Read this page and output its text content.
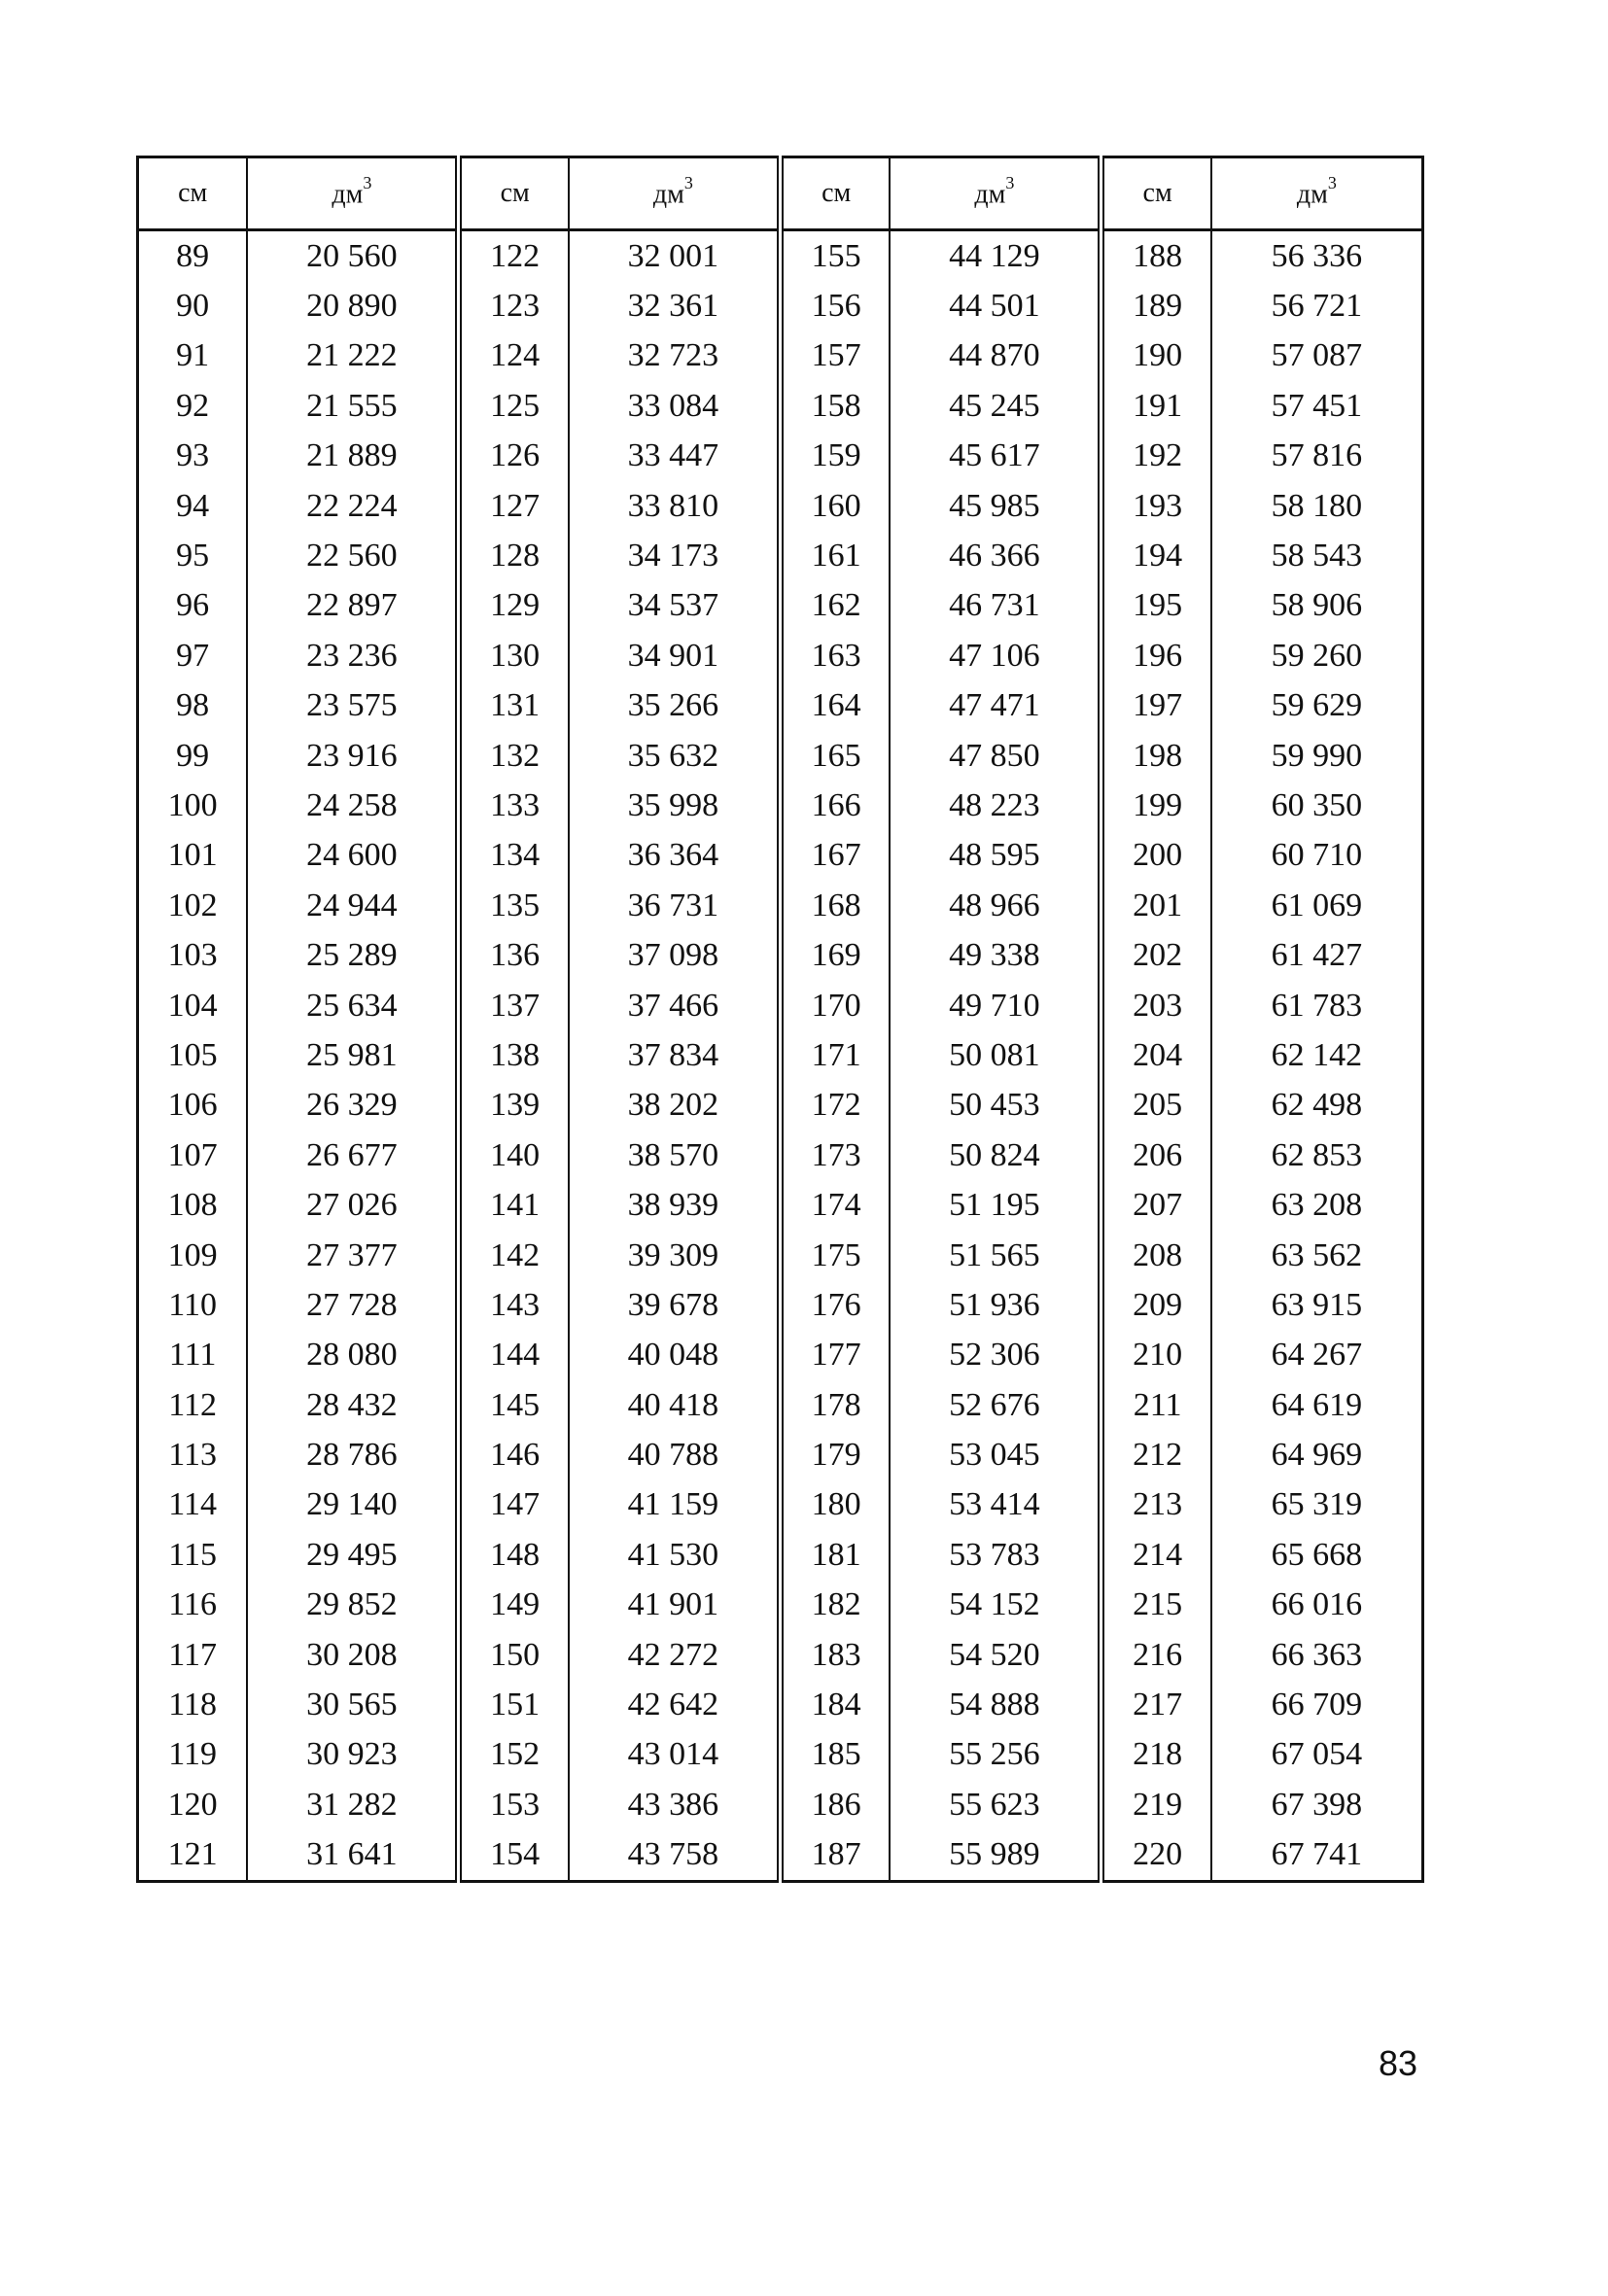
см	$дм^3$	см	$дм^3$	см	$дм^3$	см	$дм^3$
89	20 560	122	32 001	155	44 129	188	56 336
90	20 890	123	32 361	156	44 501	189	56 721
91	21 222	124	32 723	157	44 870	190	57 087
92	21 555	125	33 084	158	45 245	191	57 451
93	21 889	126	33 447	159	45 617	192	57 816
94	22 224	127	33 810	160	45 985	193	58 180
95	22 560	128	34 173	161	46 366	194	58 543
96	22 897	129	34 537	162	46 731	195	58 906
97	23 236	130	34 901	163	47 106	196	59 260
98	23 575	131	35 266	164	47 471	197	59 629
99	23 916	132	35 632	165	47 850	198	59 990
100	24 258	133	35 998	166	48 223	199	60 350
101	24 600	134	36 364	167	48 595	200	60 710
102	24 944	135	36 731	168	48 966	201	61 069
103	25 289	136	37 098	169	49 338	202	61 427
104	25 634	137	37 466	170	49 710	203	61 783
105	25 981	138	37 834	171	50 081	204	62 142
106	26 329	139	38 202	172	50 453	205	62 498
107	26 677	140	38 570	173	50 824	206	62 853
108	27 026	141	38 939	174	51 195	207	63 208
109	27 377	142	39 309	175	51 565	208	63 562
110	27 728	143	39 678	176	51 936	209	63 915
111	28 080	144	40 048	177	52 306	210	64 267
112	28 432	145	40 418	178	52 676	211	64 619
113	28 786	146	40 788	179	53 045	212	64 969
114	29 140	147	41 159	180	53 414	213	65 319
115	29 495	148	41 530	181	53 783	214	65 668
116	29 852	149	41 901	182	54 152	215	66 016
117	30 208	150	42 272	183	54 520	216	66 363
118	30 565	151	42 642	184	54 888	217	66 709
119	30 923	152	43 014	185	55 256	218	67 054
120	31 282	153	43 386	186	55 623	219	67 398
121	31 641	154	43 758	187	55 989	220	67 741
83
